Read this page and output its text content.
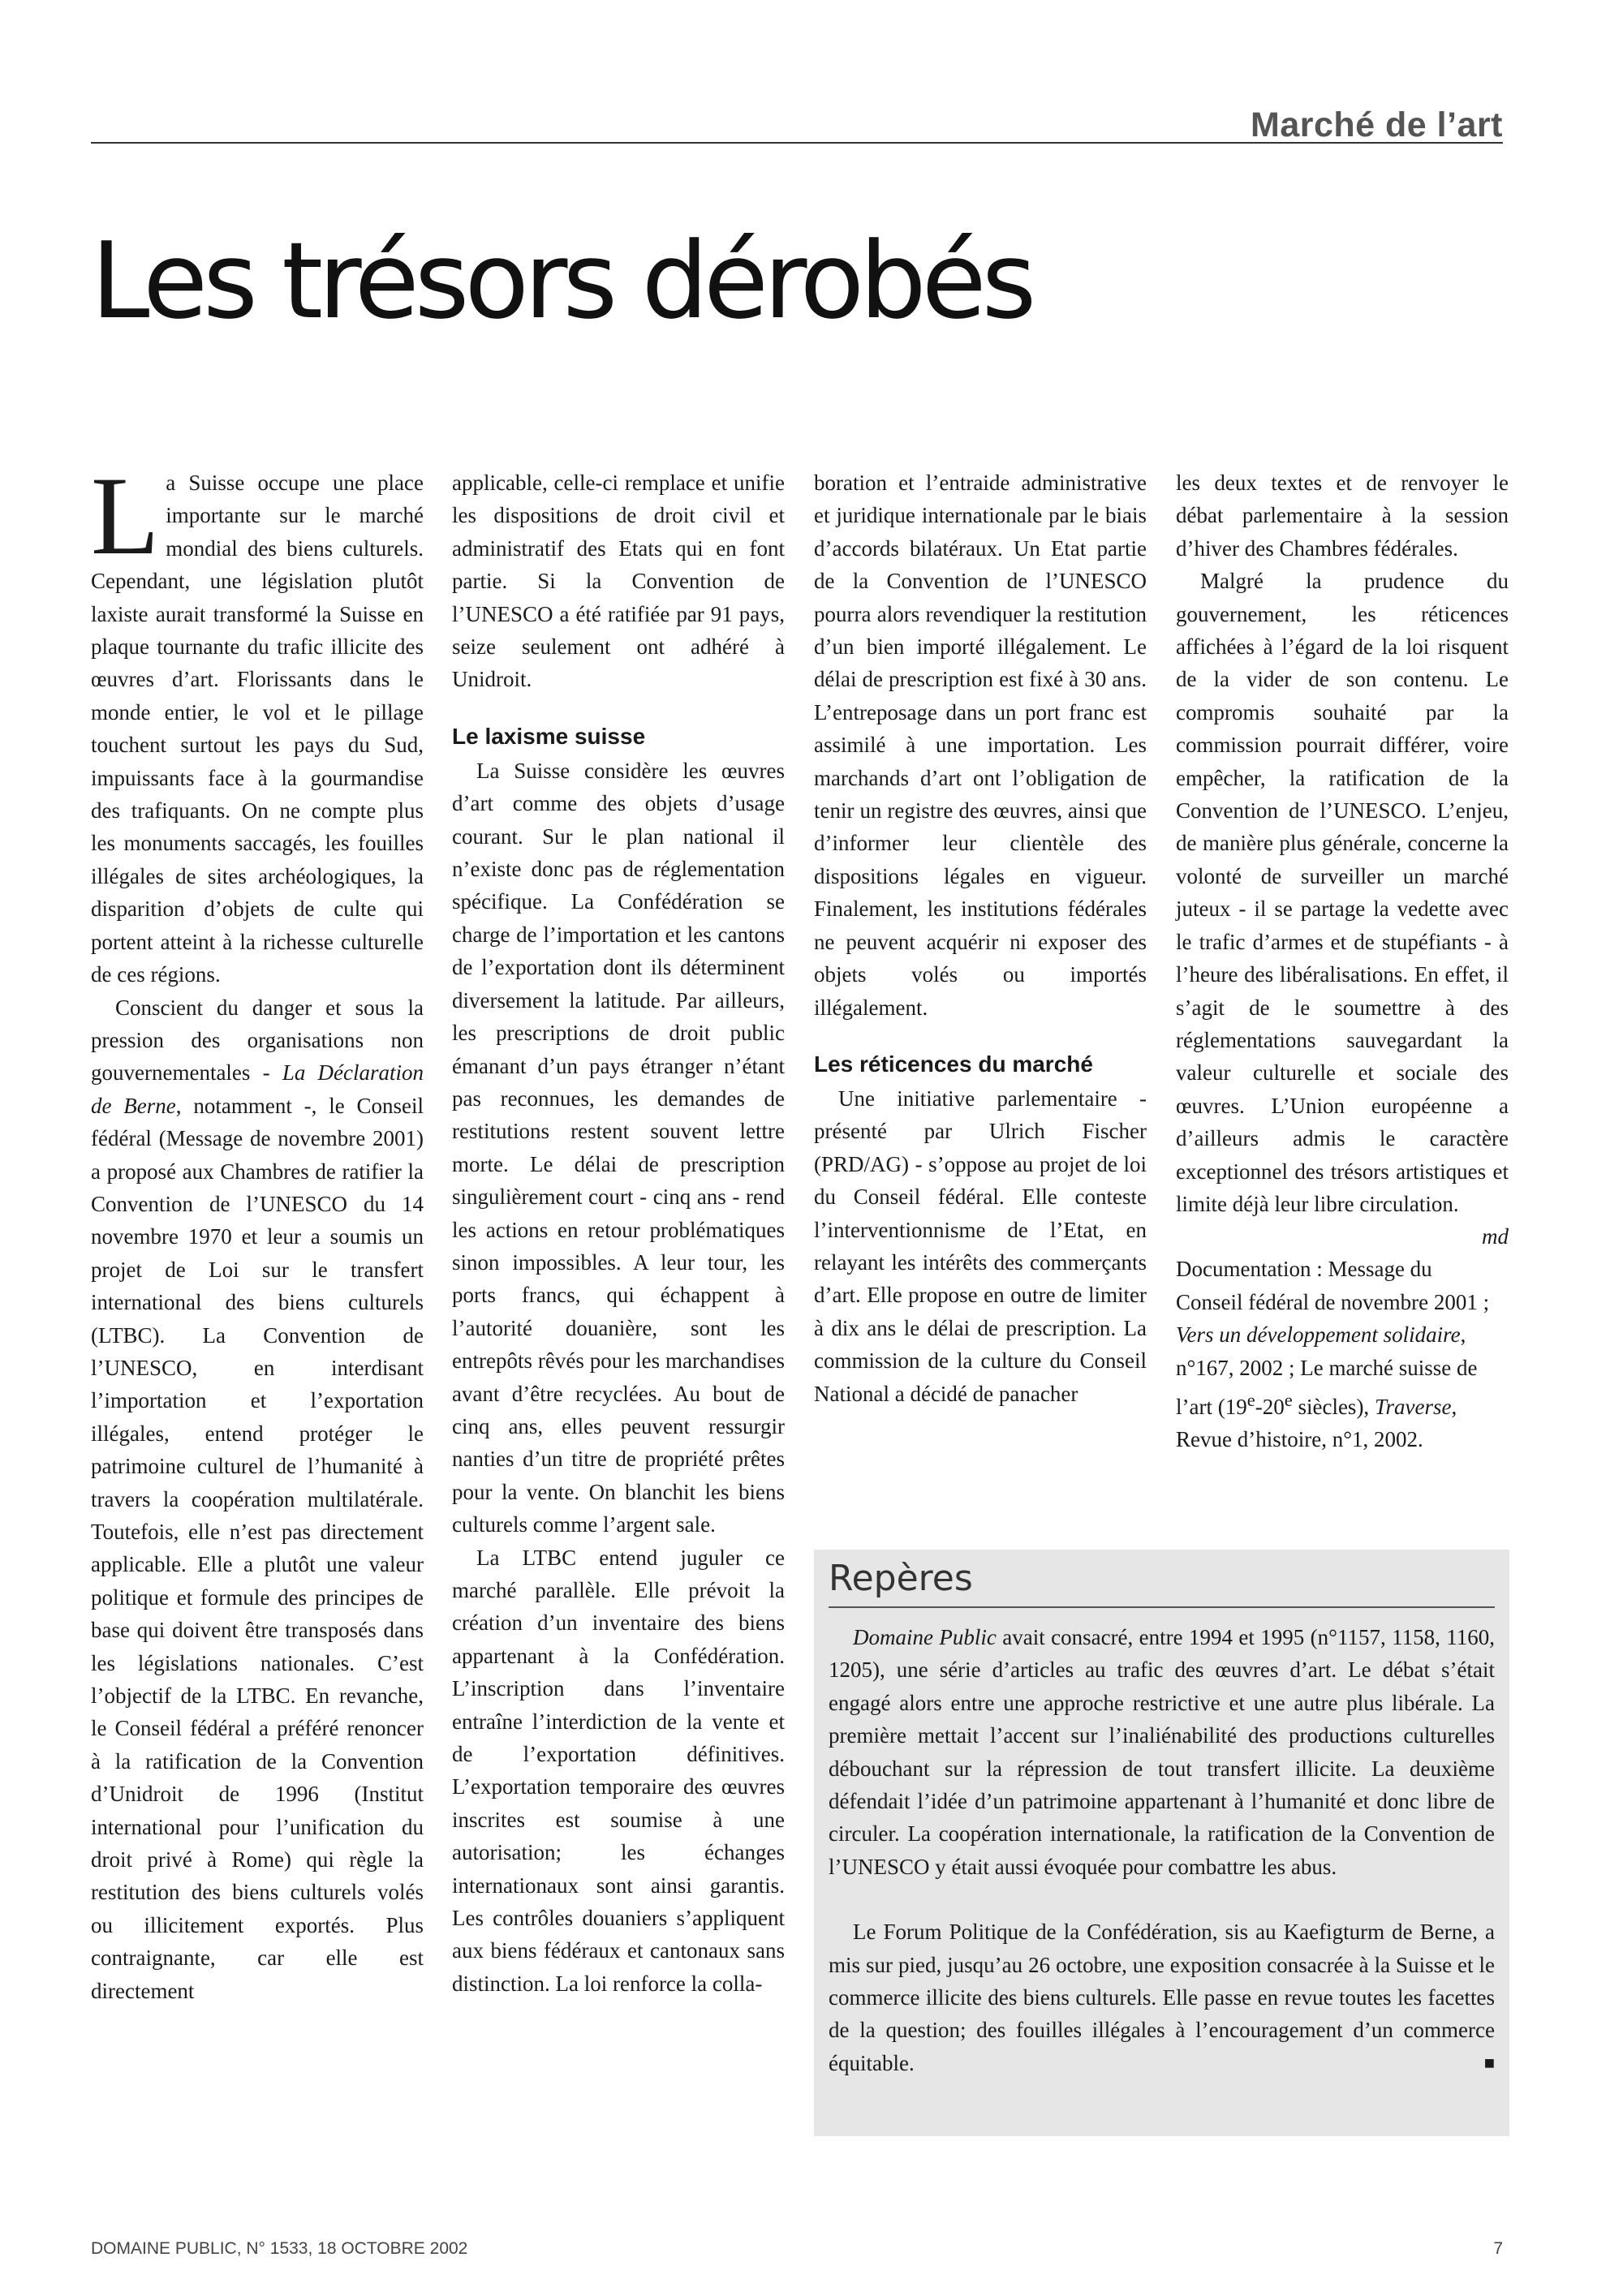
Marché de l’art
Les trésors dérobés

La Suisse occupe une place importante sur le marché mondial des biens culturels. Cependant, une législation plutôt laxiste aurait transformé la Suisse en plaque tournante du trafic illicite des œuvres d’art. Florissants dans le monde entier, le vol et le pillage touchent surtout les pays du Sud, impuissants face à la gourmandise des trafiquants. On ne compte plus les monuments saccagés, les fouilles illégales de sites archéologiques, la disparition d’objets de culte qui portent atteint à la richesse culturelle de ces régions.

Conscient du danger et sous la pression des organisations non gouvernementales - La Déclaration de Berne, notamment -, le Conseil fédéral (Message de novembre 2001) a proposé aux Chambres de ratifier la Convention de l’UNESCO du 14 novembre 1970 et leur a soumis un projet de Loi sur le transfert international des biens culturels (LTBC). La Convention de l’UNESCO, en interdisant l’importation et l’exportation illégales, entend protéger le patrimoine culturel de l’humanité à travers la coopération multilatérale. Toutefois, elle n’est pas directement applicable. Elle a plutôt une valeur politique et formule des principes de base qui doivent être transposés dans les législations nationales. C’est l’objectif de la LTBC. En revanche, le Conseil fédéral a préféré renoncer à la ratification de la Convention d’Unidroit de 1996 (Institut international pour l’unification du droit privé à Rome) qui règle la restitution des biens culturels volés ou illicitement exportés. Plus contraignante, car elle est directement

applicable, celle-ci remplace et unifie les dispositions de droit civil et administratif des Etats qui en font partie. Si la Convention de l’UNESCO a été ratifiée par 91 pays, seize seulement ont adhéré à Unidroit.

Le laxisme suisse

La Suisse considère les œuvres d’art comme des objets d’usage courant. Sur le plan national il n’existe donc pas de réglementation spécifique. La Confédération se charge de l’importation et les cantons de l’exportation dont ils déterminent diversement la latitude. Par ailleurs, les prescriptions de droit public émanant d’un pays étranger n’étant pas reconnues, les demandes de restitutions restent souvent lettre morte. Le délai de prescription singulièrement court - cinq ans - rend les actions en retour problématiques sinon impossibles. A leur tour, les ports francs, qui échappent à l’autorité douanière, sont les entrepôts rêvés pour les marchandises avant d’être recyclées. Au bout de cinq ans, elles peuvent ressurgir nanties d’un titre de propriété prêtes pour la vente. On blanchit les biens culturels comme l’argent sale.

La LTBC entend juguler ce marché parallèle. Elle prévoit la création d’un inventaire des biens appartenant à la Confédération. L’inscription dans l’inventaire entraîne l’interdiction de la vente et de l’exportation définitives. L’exportation temporaire des œuvres inscrites est soumise à une autorisation; les échanges internationaux sont ainsi garantis. Les contrôles douaniers s’appliquent aux biens fédéraux et cantonaux sans distinction. La loi renforce la colla-

boration et l’entraide administrative et juridique internationale par le biais d’accords bilatéraux. Un Etat partie de la Convention de l’UNESCO pourra alors revendiquer la restitution d’un bien importé illégalement. Le délai de prescription est fixé à 30 ans. L’entreposage dans un port franc est assimilé à une importation. Les marchands d’art ont l’obligation de tenir un registre des œuvres, ainsi que d’informer leur clientèle des dispositions légales en vigueur. Finalement, les institutions fédérales ne peuvent acquérir ni exposer des objets volés ou importés illégalement.

Les réticences du marché

Une initiative parlementaire - présenté par Ulrich Fischer (PRD/AG) - s’oppose au projet de loi du Conseil fédéral. Elle conteste l’interventionnisme de l’Etat, en relayant les intérêts des commerçants d’art. Elle propose en outre de limiter à dix ans le délai de prescription. La commission de la culture du Conseil National a décidé de panacher

les deux textes et de renvoyer le débat parlementaire à la session d’hiver des Chambres fédérales.

Malgré la prudence du gouvernement, les réticences affichées à l’égard de la loi risquent de la vider de son contenu. Le compromis souhaité par la commission pourrait différer, voire empêcher, la ratification de la Convention de l’UNESCO. L’enjeu, de manière plus générale, concerne la volonté de surveiller un marché juteux - il se partage la vedette avec le trafic d’armes et de stupéfiants - à l’heure des libéralisations. En effet, il s’agit de le soumettre à des réglementations sauvegardant la valeur culturelle et sociale des œuvres. L’Union européenne a d’ailleurs admis le caractère exceptionnel des trésors artistiques et limite déjà leur libre circulation.
md

Documentation : Message du Conseil fédéral de novembre 2001 ; Vers un développement solidaire, n°167, 2002 ; Le marché suisse de l’art (19e-20e siècles), Traverse, Revue d’histoire, n°1, 2002.

Repères

Domaine Public avait consacré, entre 1994 et 1995 (n°1157, 1158, 1160, 1205), une série d’articles au trafic des œuvres d’art. Le débat s’était engagé alors entre une approche restrictive et une autre plus libérale. La première mettait l’accent sur l’inaliénabilité des productions culturelles débouchant sur la répression de tout transfert illicite. La deuxième défendait l’idée d’un patrimoine appartenant à l’humanité et donc libre de circuler. La coopération internationale, la ratification de la Convention de l’UNESCO y était aussi évoquée pour combattre les abus.

Le Forum Politique de la Confédération, sis au Kaefigturm de Berne, a mis sur pied, jusqu’au 26 octobre, une exposition consacrée à la Suisse et le commerce illicite des biens culturels. Elle passe en revue toutes les facettes de la question; des fouilles illégales à l’encouragement d’un commerce équitable.	■

DOMAINE PUBLIC, N° 1533, 18 OCTOBRE 2002	7
